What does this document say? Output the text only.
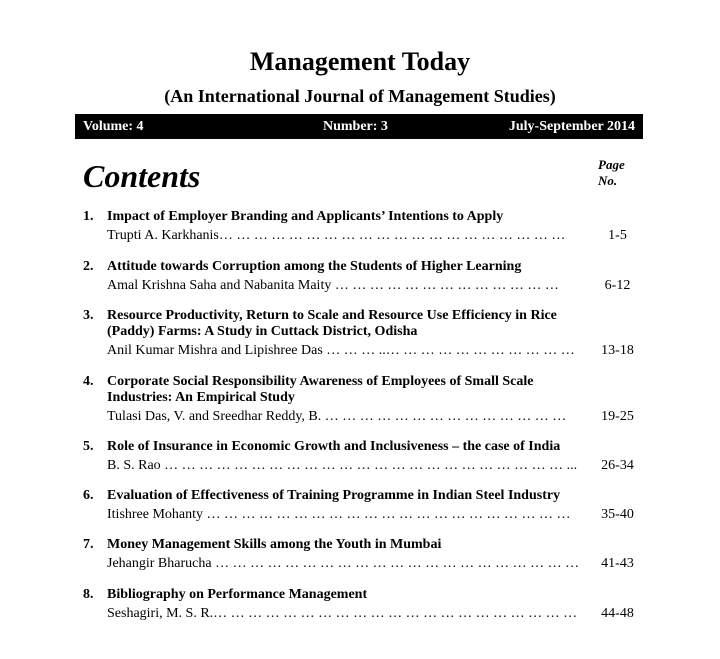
Management Today
(An International Journal of Management Studies)
Volume: 4	Number: 3	July-September 2014
Contents	Page
No.
1. Impact of Employer Branding and Applicants’ Intentions to Apply
Trupti A. Karkhanis… … … … … … … … … … … … … … … … … … … …	1-5
2. Attitude towards Corruption among the Students of Higher Learning
Amal Krishna Saha and Nabanita Maity … … … … … … … … … … … … …	6-12
3. Resource Productivity, Return to Scale and Resource Use Efficiency in Rice
(Paddy) Farms: A Study in Cuttack District, Odisha
Anil Kumar Mishra and Lipishree Das … … … ..… … … … … … … … … … …	13-18
4. Corporate Social Responsibility Awareness of Employees of Small Scale
Industries: An Empirical Study
Tulasi Das, V. and Sreedhar Reddy, B. … … … … … … … … … … … … … …	19-25
5. Role of Insurance in Economic Growth and Inclusiveness – the case of India
B. S. Rao … … … … … … … … … … … … … … … … … … … … … … … ...	26-34
6. Evaluation of Effectiveness of Training Programme in Indian Steel Industry
Itishree Mohanty … … … … … … … … … … … … … … … … … … … … …	35-40
7. Money Management Skills among the Youth in Mumbai
Jehangir Bharucha … … … … … … … … … … … … … … … … … … … … …	41-43
8. Bibliography on Performance Management
Seshagiri, M. S. R.… … … … … … … … … … … … … … … … … … … … …	44-48
